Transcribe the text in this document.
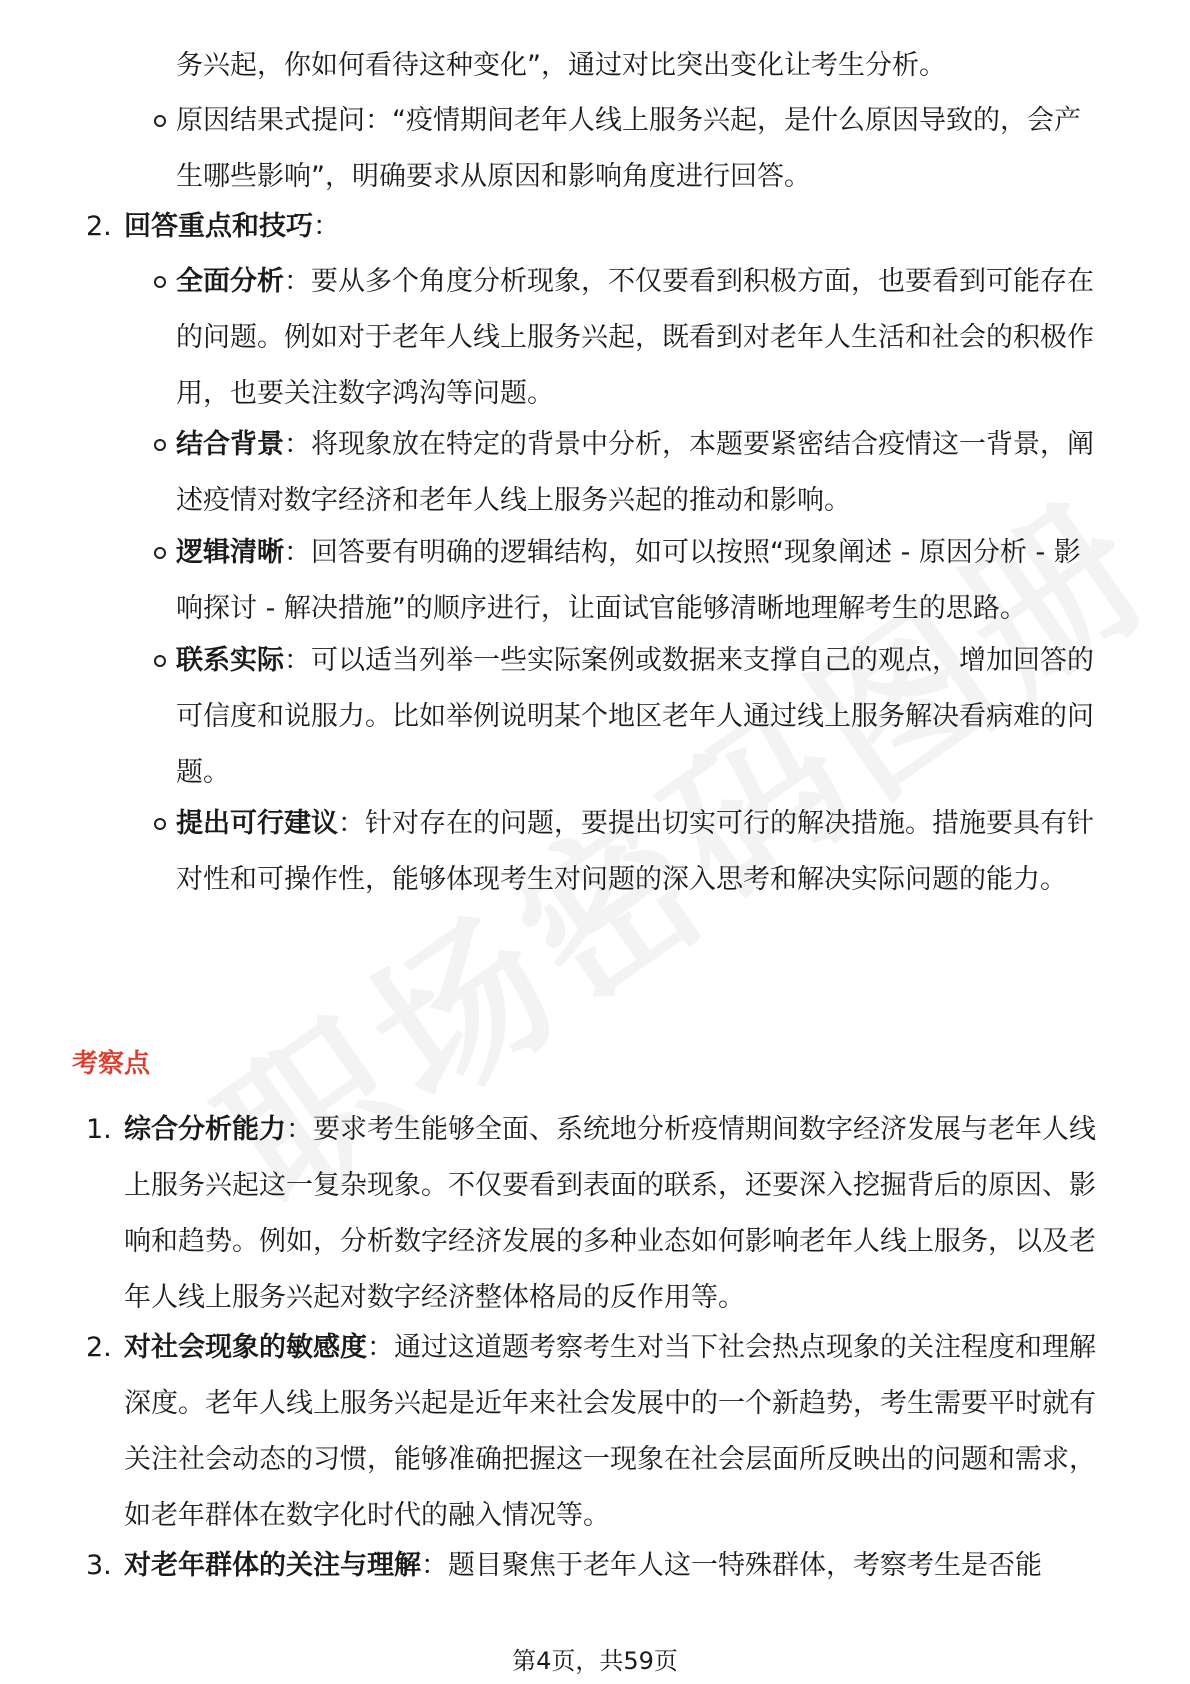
务兴起，你如何看待这种变化”，通过对比突出变化让考生分析。

原因结果式提问：“疫情期间老年人线上服务兴起，是什么原因导致的，会产生哪些影响”，明确要求从原因和影响角度进行回答。

2. 回答重点和技巧：

全面分析：要从多个角度分析现象，不仅要看到积极方面，也要看到可能存在的问题。例如对于老年人线上服务兴起，既看到对老年人生活和社会的积极作用，也要关注数字鸿沟等问题。

结合背景：将现象放在特定的背景中分析，本题要紧密结合疫情这一背景，阐述疫情对数字经济和老年人线上服务兴起的推动和影响。

逻辑清晰：回答要有明确的逻辑结构，如可以按照“现象阐述 - 原因分析 - 影响探讨 - 解决措施”的顺序进行，让面试官能够清晰地理解考生的思路。

联系实际：可以适当列举一些实际案例或数据来支撑自己的观点，增加回答的可信度和说服力。比如举例说明某个地区老年人通过线上服务解决看病难的问题。

提出可行建议：针对存在的问题，要提出切实可行的解决措施。措施要具有针对性和可操作性，能够体现考生对问题的深入思考和解决实际问题的能力。

考察点
1. 综合分析能力：要求考生能够全面、系统地分析疫情期间数字经济发展与老年人线上服务兴起这一复杂现象。不仅要看到表面的联系，还要深入挖掘背后的原因、影响和趋势。例如，分析数字经济发展的多种业态如何影响老年人线上服务，以及老年人线上服务兴起对数字经济整体格局的反作用等。

2. 对社会现象的敏感度：通过这道题考察考生对当下社会热点现象的关注程度和理解深度。老年人线上服务兴起是近年来社会发展中的一个新趋势，考生需要平时就有关注社会动态的习惯，能够准确把握这一现象在社会层面所反映出的问题和需求，如老年群体在数字化时代的融入情况等。

3. 对老年群体的关注与理解：题目聚焦于老年人这一特殊群体，考察考生是否能

第4页，共59页
